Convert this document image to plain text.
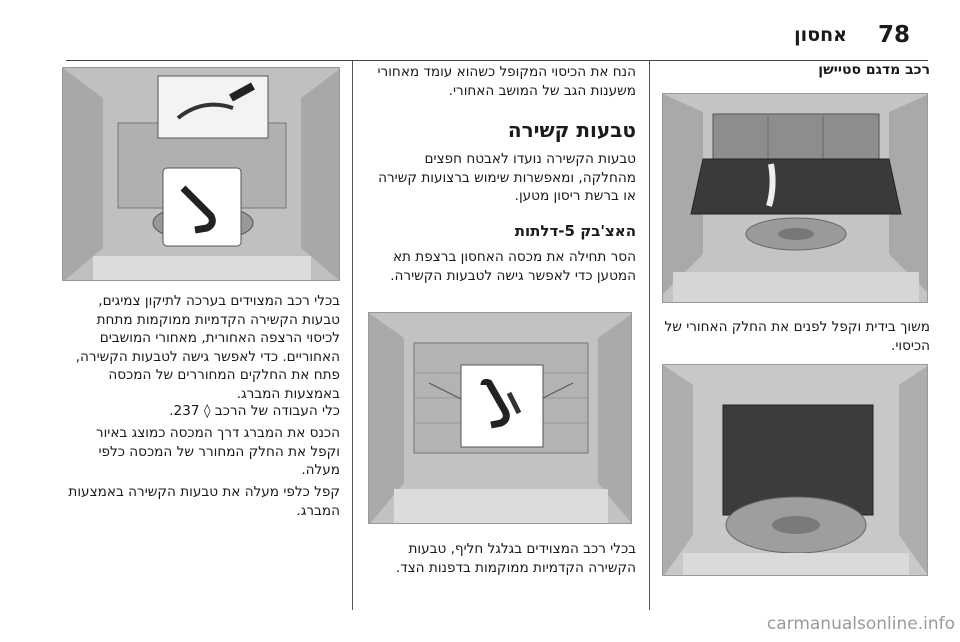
78
אחסון
רכב מדגם סטיישן
משוך בידית וקפל לפנים את החלק האחורי של הכיסוי.
הנח את הכיסוי המקופל כשהוא עומד מאחורי משענות הגב של המושב האחורי.
טבעות קשירה
טבעות הקשירה נועדו לאבטח חפצים מהחלקה, ומאפשרות שימוש ברצועות קשירה או ברשת ריסון מטען.
האצ'בק 5-דלתות
הסר תחילה את מכסה האחסון ברצפת תא המטען כדי לאפשר גישה לטבעות הקשירה.
בכלי רכב המצוידים בגלגל חליף, טבעות הקשירה הקדמיות ממוקמות בדפנות הצד.
בכלי רכב המצוידים בערכה לתיקון צמיגים, טבעות הקשירה הקדמיות ממוקמות מתחת לכיסוי הרצפה האחורית, מאחורי המושבים האחוריים. כדי לאפשר גישה לטבעות הקשירה, פתח את החלקים המחוררים של המכסה באמצעות המברג.
כלי העבודה של הרכב ◊ 237.
הכנס את המברג דרך המכסה כמוצג באיור וקפל את החלק המחורר של המכסה כלפי מעלה.
קפל כלפי מעלה את טבעות הקשירה באמצעות המברג.
carmanualsonline.info
